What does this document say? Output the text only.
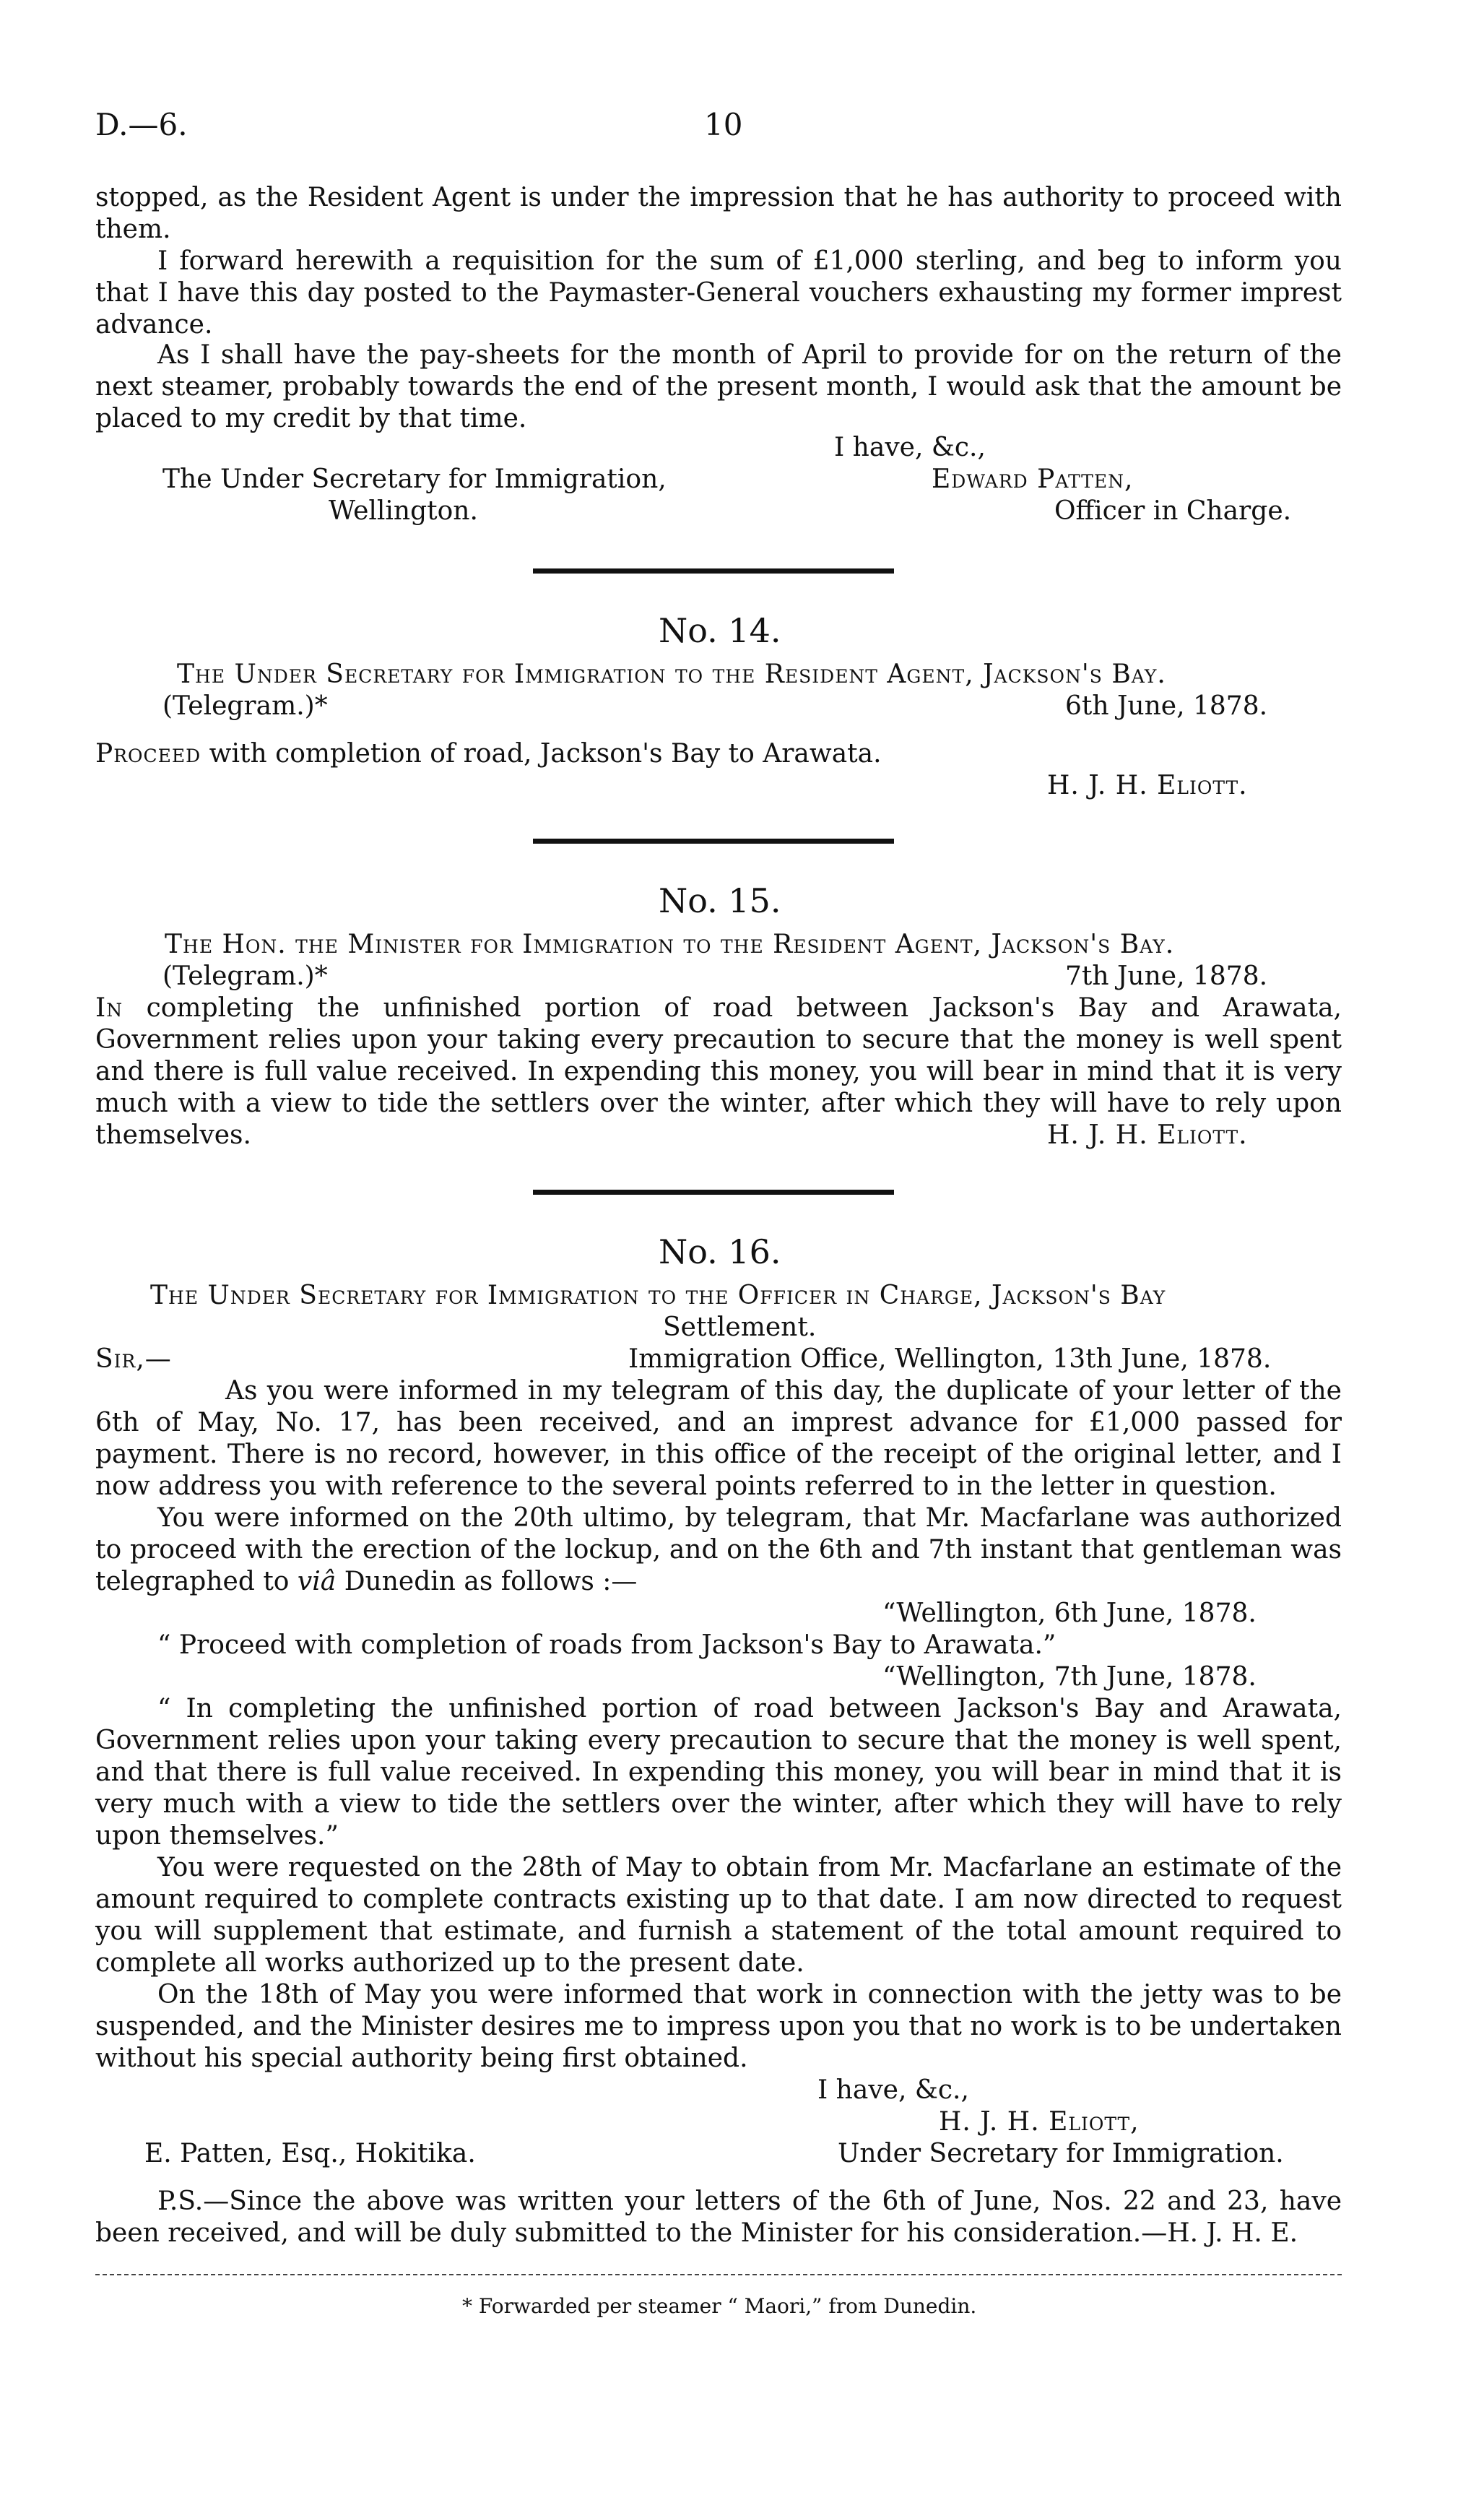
D.—6.	10
stopped, as the Resident Agent is under the impression that he has authority to proceed with them.
I forward herewith a requisition for the sum of £1,000 sterling, and beg to inform you that I have this day posted to the Paymaster-General vouchers exhausting my former imprest advance.
As I shall have the pay-sheets for the month of April to provide for on the return of the next steamer, probably towards the end of the present month, I would ask that the amount be placed to my credit by that time.
I have, &c.,
The Under Secretary for Immigration,	Edward Patten,
Wellington.	Officer in Charge.
No. 14.
The Under Secretary for Immigration to the Resident Agent, Jackson's Bay.
(Telegram.)*	6th June, 1878.
Proceed with completion of road, Jackson's Bay to Arawata.
H. J. H. Eliott.
No. 15.
The Hon. the Minister for Immigration to the Resident Agent, Jackson's Bay.
(Telegram.)*	7th June, 1878.
In completing the unfinished portion of road between Jackson's Bay and Arawata, Government relies upon your taking every precaution to secure that the money is well spent and there is full value received. In expending this money, you will bear in mind that it is very much with a view to tide the settlers over the winter, after which they will have to rely upon themselves.	H. J. H. Eliott.
No. 16.
The Under Secretary for Immigration to the Officer in Charge, Jackson's Bay
Settlement.
Sir,—	Immigration Office, Wellington, 13th June, 1878.
As you were informed in my telegram of this day, the duplicate of your letter of the 6th of May, No. 17, has been received, and an imprest advance for £1,000 passed for payment. There is no record, however, in this office of the receipt of the original letter, and I now address you with reference to the several points referred to in the letter in question.
You were informed on the 20th ultimo, by telegram, that Mr. Macfarlane was authorized to proceed with the erection of the lockup, and on the 6th and 7th instant that gentleman was telegraphed to viâ Dunedin as follows :—
“Wellington, 6th June, 1878.
“ Proceed with completion of roads from Jackson's Bay to Arawata.”
“Wellington, 7th June, 1878.
“ In completing the unfinished portion of road between Jackson's Bay and Arawata, Government relies upon your taking every precaution to secure that the money is well spent, and that there is full value received. In expending this money, you will bear in mind that it is very much with a view to tide the settlers over the winter, after which they will have to rely upon themselves.”
You were requested on the 28th of May to obtain from Mr. Macfarlane an estimate of the amount required to complete contracts existing up to that date. I am now directed to request you will supplement that estimate, and furnish a statement of the total amount required to complete all works authorized up to the present date.
On the 18th of May you were informed that work in connection with the jetty was to be suspended, and the Minister desires me to impress upon you that no work is to be undertaken without his special authority being first obtained.
I have, &c.,
H. J. H. Eliott,
E. Patten, Esq., Hokitika.	Under Secretary for Immigration.
P.S.—Since the above was written your letters of the 6th of June, Nos. 22 and 23, have been received, and will be duly submitted to the Minister for his consideration.—H. J. H. E.
* Forwarded per steamer “ Maori,” from Dunedin.
